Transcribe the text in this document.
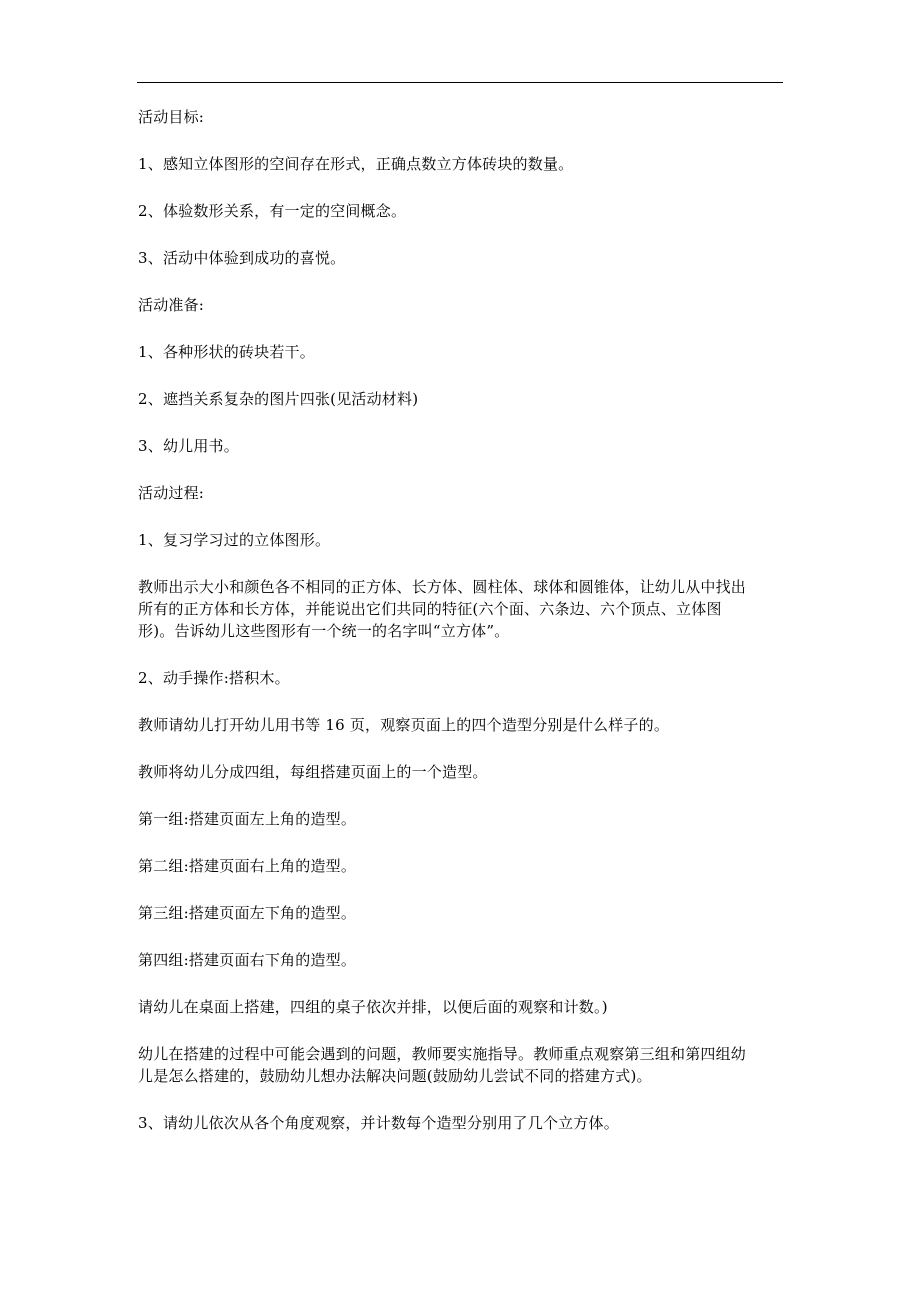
活动目标:

1、感知立体图形的空间存在形式，正确点数立方体砖块的数量。

2、体验数形关系，有一定的空间概念。

3、活动中体验到成功的喜悦。

活动准备:

1、各种形状的砖块若干。

2、遮挡关系复杂的图片四张(见活动材料)

3、幼儿用书。

活动过程:

1、复习学习过的立体图形。

教师出示大小和颜色各不相同的正方体、长方体、圆柱体、球体和圆锥体，让幼儿从中找出
所有的正方体和长方体，并能说出它们共同的特征(六个面、六条边、六个顶点、立体图
形)。告诉幼儿这些图形有一个统一的名字叫“立方体”。

2、动手操作:搭积木。

教师请幼儿打开幼儿用书等 16 页，观察页面上的四个造型分别是什么样子的。

教师将幼儿分成四组，每组搭建页面上的一个造型。

第一组:搭建页面左上角的造型。

第二组:搭建页面右上角的造型。

第三组:搭建页面左下角的造型。

第四组:搭建页面右下角的造型。

请幼儿在桌面上搭建，四组的桌子依次并排，以便后面的观察和计数。)

幼儿在搭建的过程中可能会遇到的问题，教师要实施指导。教师重点观察第三组和第四组幼
儿是怎么搭建的，鼓励幼儿想办法解决问题(鼓励幼儿尝试不同的搭建方式)。

3、请幼儿依次从各个角度观察，并计数每个造型分别用了几个立方体。
